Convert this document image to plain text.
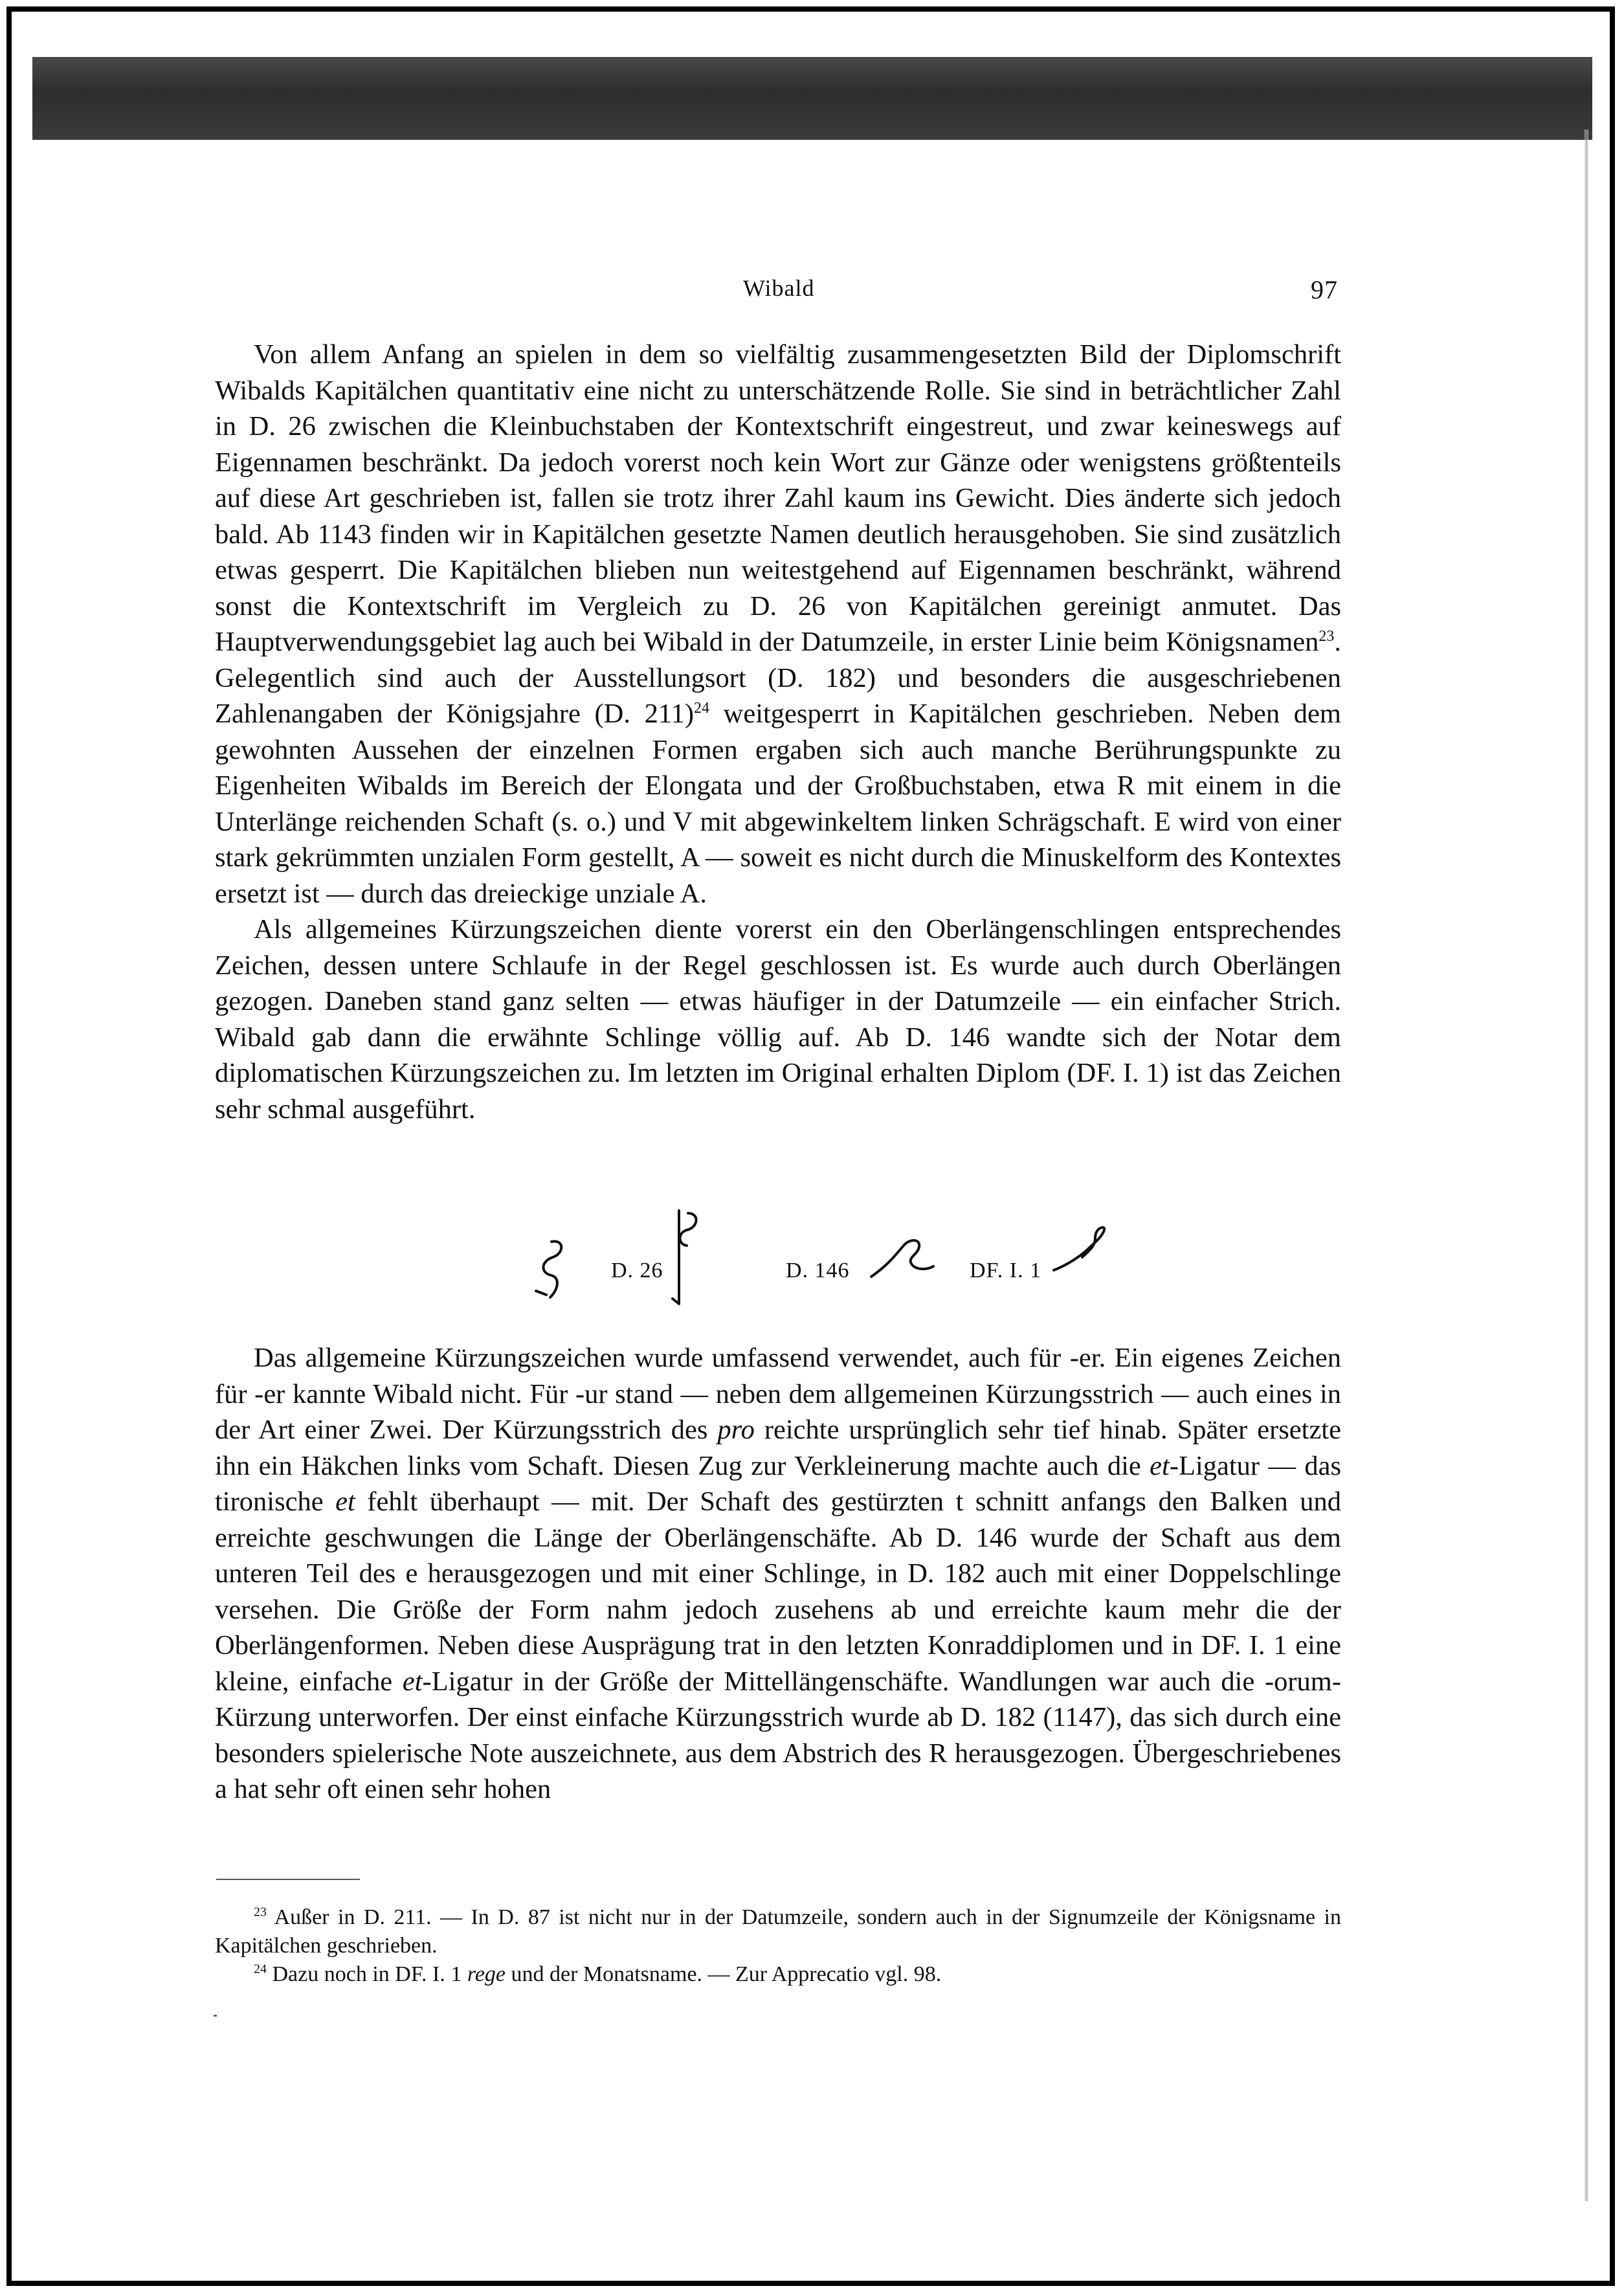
Wibald	97

Von allem Anfang an spielen in dem so vielfältig zusammengesetzten Bild der Diplomschrift Wibalds Kapitälchen quantitativ eine nicht zu unterschätzende Rolle. Sie sind in beträchtlicher Zahl in D. 26 zwischen die Kleinbuchstaben der Kontextschrift eingestreut, und zwar keineswegs auf Eigennamen beschränkt. Da jedoch vorerst noch kein Wort zur Gänze oder wenigstens größtenteils auf diese Art geschrieben ist, fallen sie trotz ihrer Zahl kaum ins Gewicht. Dies änderte sich jedoch bald. Ab 1143 finden wir in Kapitälchen gesetzte Namen deutlich herausgehoben. Sie sind zusätzlich etwas gesperrt. Die Kapitälchen blieben nun weitestgehend auf Eigennamen beschränkt, während sonst die Kontextschrift im Vergleich zu D. 26 von Kapitälchen gereinigt anmutet. Das Hauptverwendungsgebiet lag auch bei Wibald in der Datumzeile, in erster Linie beim Königsnamen$^{23}$. Gelegentlich sind auch der Ausstellungsort (D. 182) und besonders die ausgeschriebenen Zahlenangaben der Königsjahre (D. 211)$^{24}$ weitgesperrt in Kapitälchen geschrieben. Neben dem gewohnten Aussehen der einzelnen Formen ergaben sich auch manche Berührungspunkte zu Eigenheiten Wibalds im Bereich der Elongata und der Großbuchstaben, etwa R mit einem in die Unterlänge reichenden Schaft (s. o.) und V mit abgewinkeltem linken Schrägschaft. E wird von einer stark gekrümmten unzialen Form gestellt, A — soweit es nicht durch die Minuskelform des Kontextes ersetzt ist — durch das dreieckige unziale A.

Als allgemeines Kürzungszeichen diente vorerst ein den Oberlängenschlingen entsprechendes Zeichen, dessen untere Schlaufe in der Regel geschlossen ist. Es wurde auch durch Oberlängen gezogen. Daneben stand ganz selten — etwas häufiger in der Datumzeile — ein einfacher Strich. Wibald gab dann die erwähnte Schlinge völlig auf. Ab D. 146 wandte sich der Notar dem diplomatischen Kürzungszeichen zu. Im letzten im Original erhalten Diplom (DF. I. 1) ist das Zeichen sehr schmal ausgeführt.

D. 26	D. 146	DF. I. 1

Das allgemeine Kürzungszeichen wurde umfassend verwendet, auch für -er. Ein eigenes Zeichen für -er kannte Wibald nicht. Für -ur stand — neben dem allgemeinen Kürzungsstrich — auch eines in der Art einer Zwei. Der Kürzungsstrich des pro reichte ursprünglich sehr tief hinab. Später ersetzte ihn ein Häkchen links vom Schaft. Diesen Zug zur Verkleinerung machte auch die et-Ligatur — das tironische et fehlt überhaupt — mit. Der Schaft des gestürzten t schnitt anfangs den Balken und erreichte geschwungen die Länge der Oberlängenschäfte. Ab D. 146 wurde der Schaft aus dem unteren Teil des e herausgezogen und mit einer Schlinge, in D. 182 auch mit einer Doppelschlinge versehen. Die Größe der Form nahm jedoch zusehens ab und erreichte kaum mehr die der Oberlängenformen. Neben diese Ausprägung trat in den letzten Konraddiplomen und in DF. I. 1 eine kleine, einfache et-Ligatur in der Größe der Mittellängenschäfte. Wandlungen war auch die -orum-Kürzung unterworfen. Der einst einfache Kürzungsstrich wurde ab D. 182 (1147), das sich durch eine besonders spielerische Note auszeichnete, aus dem Abstrich des R herausgezogen. Übergeschriebenes a hat sehr oft einen sehr hohen

$^{23}$ Außer in D. 211. — In D. 87 ist nicht nur in der Datumzeile, sondern auch in der Signumzeile der Königsname in Kapitälchen geschrieben.

$^{24}$ Dazu noch in DF. I. 1 rege und der Monatsname. — Zur Apprecatio vgl. 98.
